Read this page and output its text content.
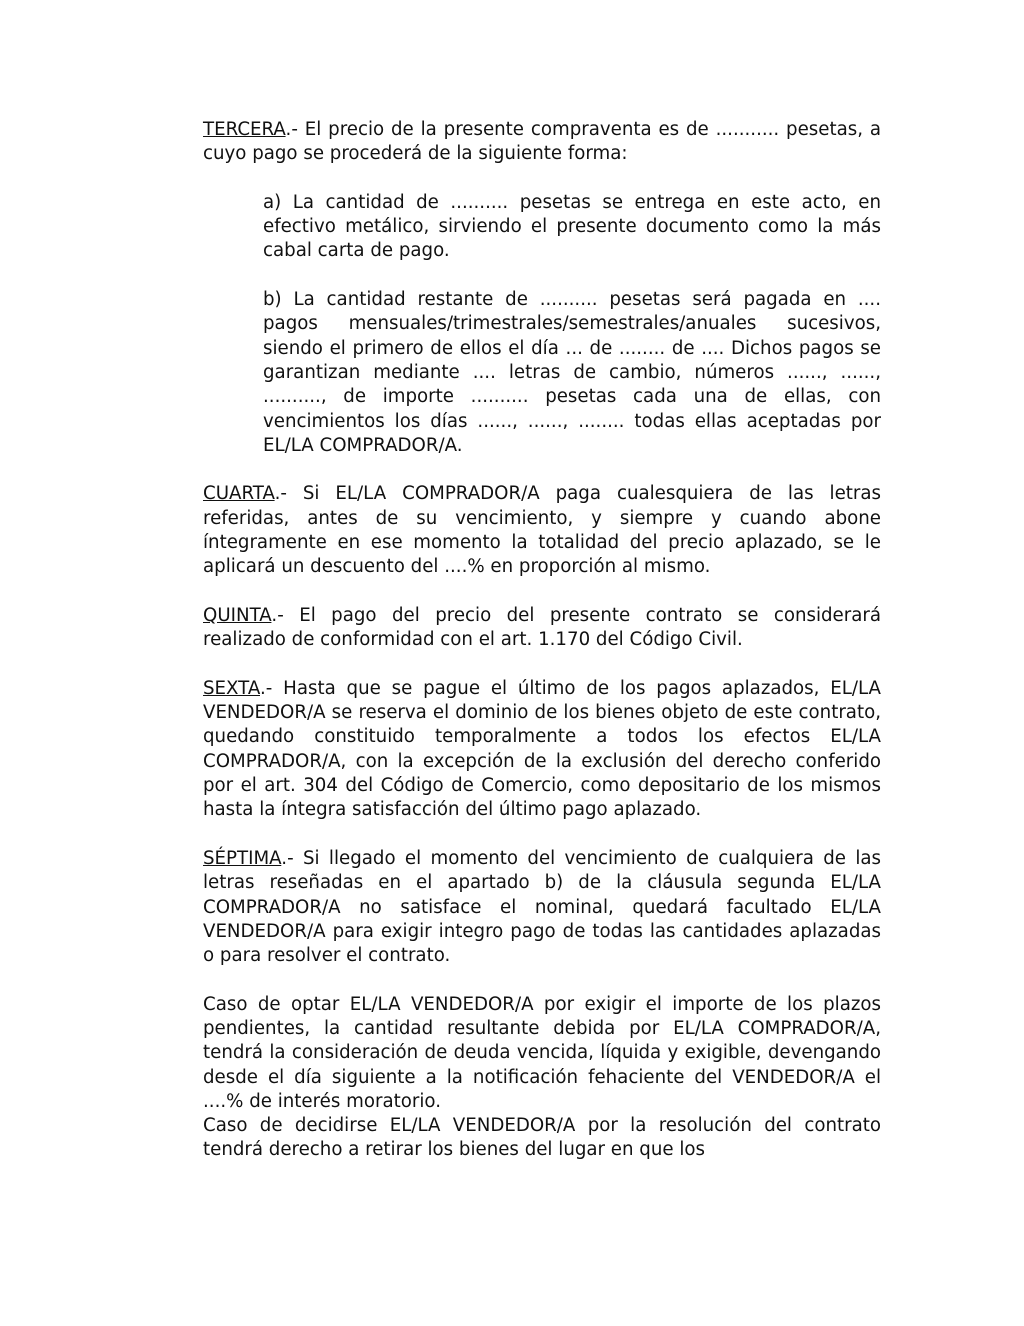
TERCERA.- El precio de la presente compraventa es de ........... pesetas, a cuyo pago se procederá de la siguiente forma:

a) La cantidad de .......... pesetas se entrega en este acto, en efectivo metálico, sirviendo el presente documento como la más cabal carta de pago.

b) La cantidad restante de .......... pesetas será pagada en .... pagos mensuales/trimestrales/semestrales/anuales sucesivos, siendo el primero de ellos el día ... de ........ de .... Dichos pagos se garantizan mediante .... letras de cambio, números ......, ......, .........., de importe .......... pesetas cada una de ellas, con vencimientos los días ......, ......, ........ todas ellas aceptadas por EL/LA COMPRADOR/A.

CUARTA.- Si EL/LA COMPRADOR/A paga cualesquiera de las letras referidas, antes de su vencimiento, y siempre y cuando abone íntegramente en ese momento la totalidad del precio aplazado, se le aplicará un descuento del ....% en proporción al mismo.

QUINTA.- El pago del precio del presente contrato se considerará realizado de conformidad con el art. 1.170 del Código Civil.

SEXTA.- Hasta que se pague el último de los pagos aplazados, EL/LA VENDEDOR/A se reserva el dominio de los bienes objeto de este contrato, quedando constituido temporalmente a todos los efectos EL/LA COMPRADOR/A, con la excepción de la exclusión del derecho conferido por el art. 304 del Código de Comercio, como depositario de los mismos hasta la íntegra satisfacción del último pago aplazado.

SÉPTIMA.- Si llegado el momento del vencimiento de cualquiera de las letras reseñadas en el apartado b) de la cláusula segunda EL/LA COMPRADOR/A no satisface el nominal, quedará facultado EL/LA VENDEDOR/A para exigir integro pago de todas las cantidades aplazadas o para resolver el contrato.

Caso de optar EL/LA VENDEDOR/A por exigir el importe de los plazos pendientes, la cantidad resultante debida por EL/LA COMPRADOR/A, tendrá la consideración de deuda vencida, líquida y exigible, devengando desde el día siguiente a la notificación fehaciente del VENDEDOR/A el ....% de interés moratorio.

Caso de decidirse EL/LA VENDEDOR/A por la resolución del contrato tendrá derecho a retirar los bienes del lugar en que los
